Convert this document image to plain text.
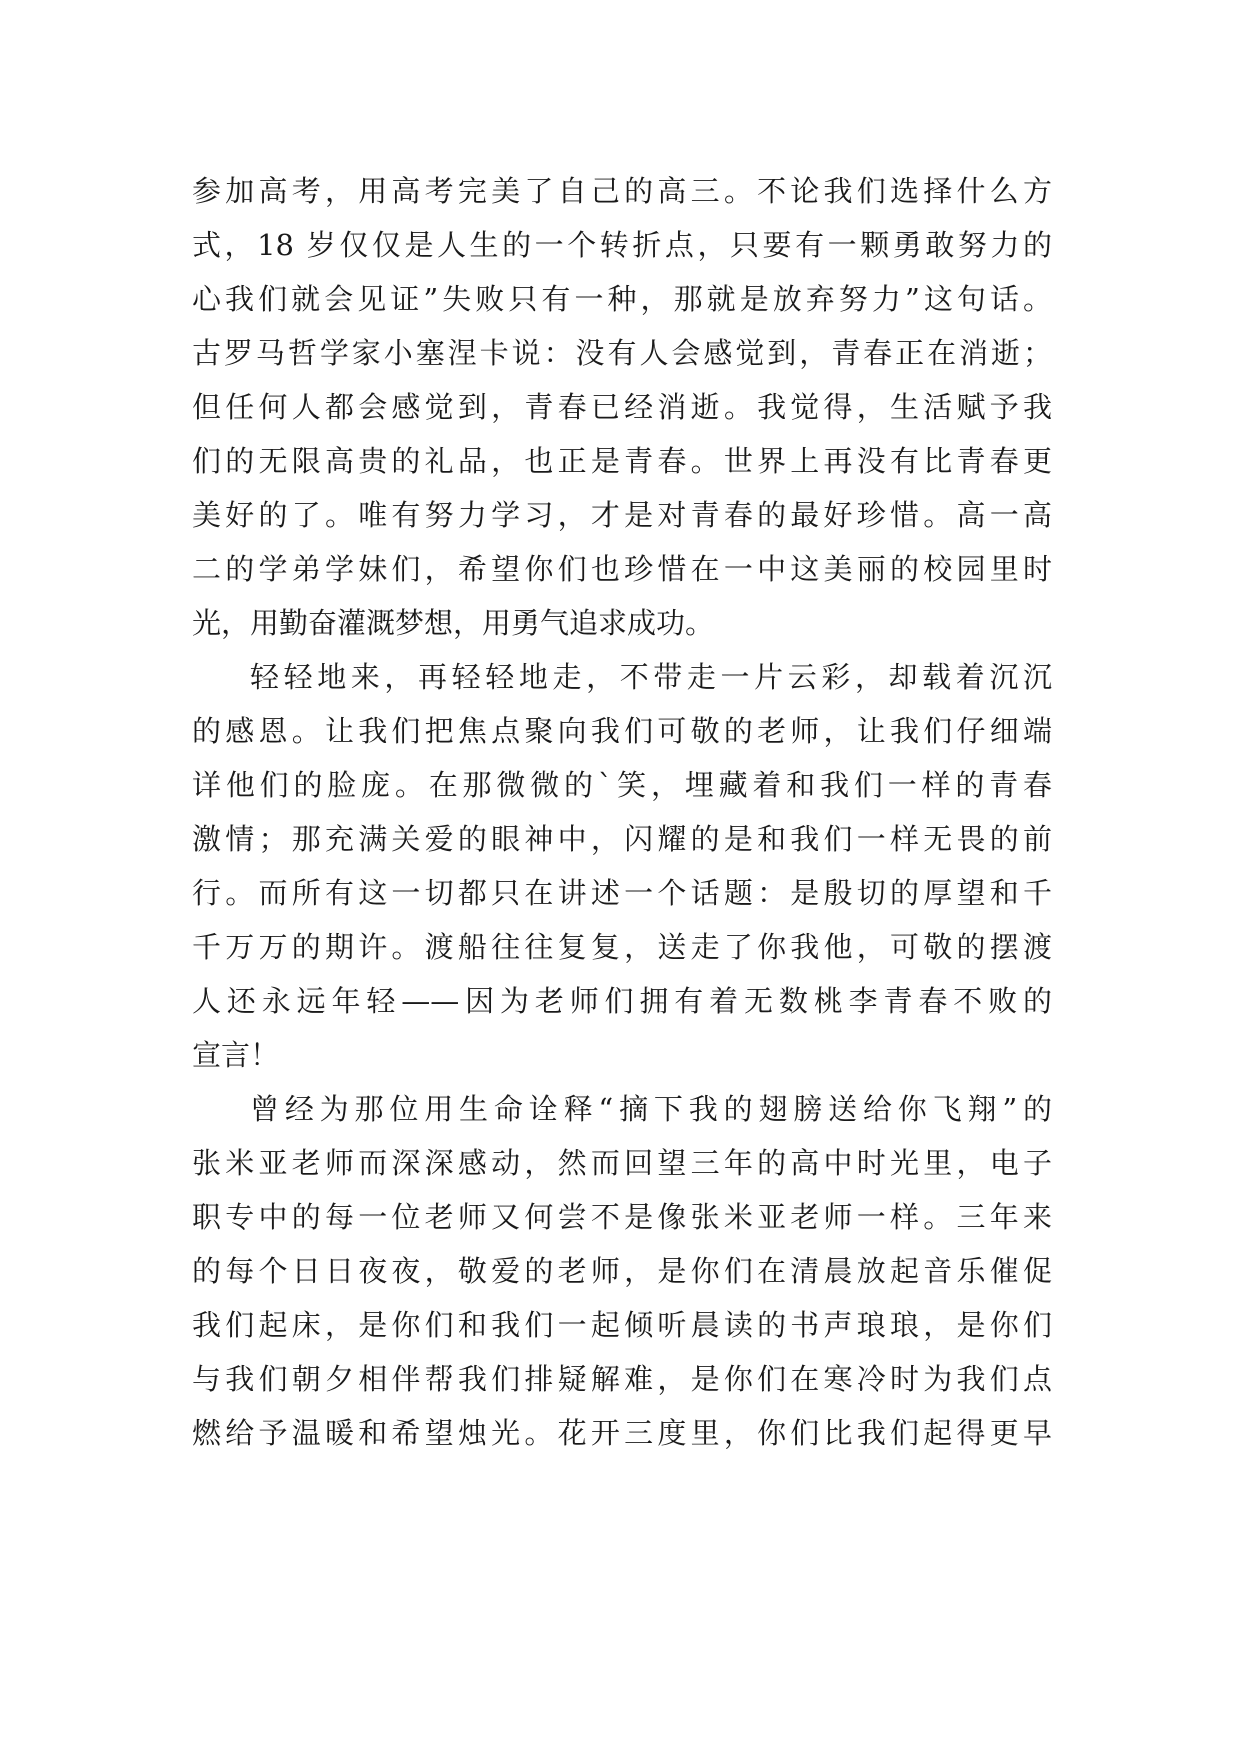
参加高考，用高考完美了自己的高三。不论我们选择什么方
式，18 岁仅仅是人生的一个转折点，只要有一颗勇敢努力的
心我们就会见证”失败只有一种，那就是放弃努力”这句话。
古罗马哲学家小塞涅卡说：没有人会感觉到，青春正在消逝；
但任何人都会感觉到，青春已经消逝。我觉得，生活赋予我
们的无限高贵的礼品，也正是青春。世界上再没有比青春更
美好的了。唯有努力学习，才是对青春的最好珍惜。高一高
二的学弟学妹们，希望你们也珍惜在一中这美丽的校园里时
光，用勤奋灌溉梦想，用勇气追求成功。
轻轻地来，再轻轻地走，不带走一片云彩，却载着沉沉
的感恩。让我们把焦点聚向我们可敬的老师，让我们仔细端
详他们的脸庞。在那微微的`笑，埋藏着和我们一样的青春
激情；那充满关爱的眼神中，闪耀的是和我们一样无畏的前
行。而所有这一切都只在讲述一个话题：是殷切的厚望和千
千万万的期许。渡船往往复复，送走了你我他，可敬的摆渡
人还永远年轻——因为老师们拥有着无数桃李青春不败的
宣言！
曾经为那位用生命诠释“摘下我的翅膀送给你飞翔”的
张米亚老师而深深感动，然而回望三年的高中时光里，电子
职专中的每一位老师又何尝不是像张米亚老师一样。三年来
的每个日日夜夜，敬爱的老师，是你们在清晨放起音乐催促
我们起床，是你们和我们一起倾听晨读的书声琅琅，是你们
与我们朝夕相伴帮我们排疑解难，是你们在寒冷时为我们点
燃给予温暖和希望烛光。花开三度里，你们比我们起得更早
